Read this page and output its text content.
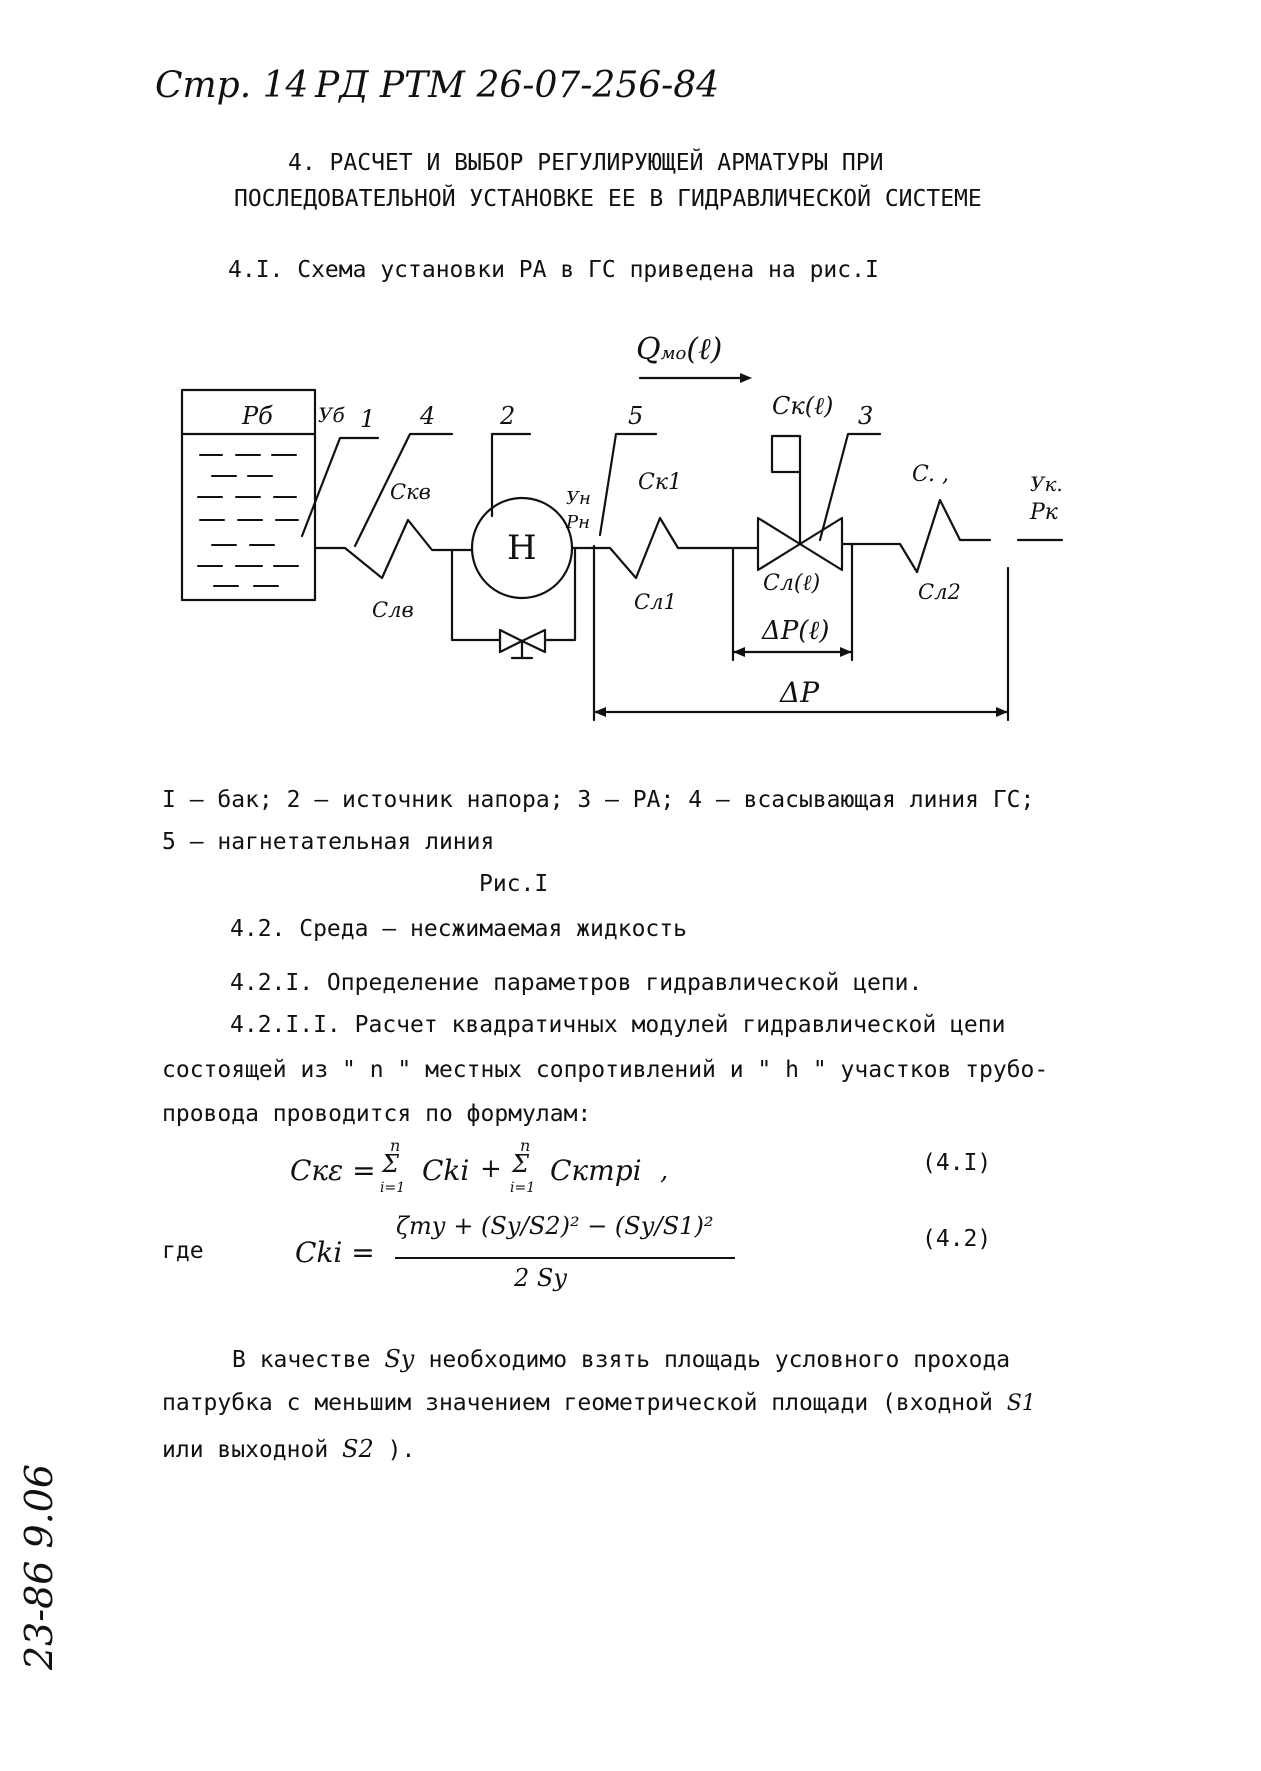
Стр. 14 РД РТМ 26-07-256-84
4. РАСЧЕТ И ВЫБОР РЕГУЛИРУЮЩЕЙ АРМАТУРЫ ПРИ
ПОСЛЕДОВАТЕЛЬНОЙ УСТАНОВКЕ ЕЕ В ГИДРАВЛИЧЕСКОЙ СИСТЕМЕ
4.I. Схема установки РА в ГС приведена на рис.I
Qмо(ℓ)
Pб Уб 1 4	2	5	3
Cк(ℓ)
Cкв
Cлв
H
Ун
Pн
Cк1
Cл1
Cл(ℓ)
C. ,
Cл2
ΔP(ℓ)
ΔP
Ук.
Pк
I – бак; 2 – источник напора; 3 – РА; 4 – всасывающая линия ГС;
5 – нагнетательная линия
Рис.I
4.2. Среда – несжимаемая жидкость
4.2.I. Определение параметров гидравлической цепи.
4.2.I.I. Расчет квадратичных модулей гидравлической цепи
состоящей из " n " местных сопротивлений и " h " участков трубо-
провода проводится по формулам:
Cкε =
n
Σ
i=1
Cki +
n
Σ
i=1
Cктрi ,	(4.I)
где	Cki =
ζту + (Sу/S2)² − (Sу/S1)²
2 Sу
(4.2)
В качестве Sу необходимо взять площадь условного прохода
патрубка с меньшим значением геометрической площади (входной S1
или выходной S2 ).
23-86 9.06
